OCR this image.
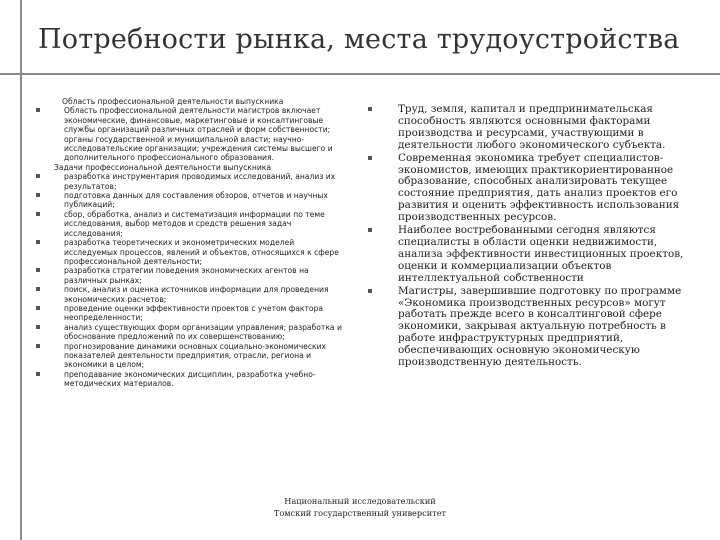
Потребности рынка, места трудоустройства
Область профессиональной деятельности выпускника
Область профессиональной деятельности магистров включает экономические, финансовые, маркетинговые и консалтинговые службы организаций различных отраслей и форм собственности; органы государственной и муниципальной власти; научно-исследовательские организации; учреждения системы высшего и дополнительного профессионального образования.
Задачи профессиональной деятельности выпускника
разработка инструментария проводимых исследований, анализ их результатов;
подготовка данных для составления обзоров, отчетов и научных публикаций;
сбор, обработка, анализ и систематизация информации по теме исследования, выбор методов и средств решения задач исследования;
разработка теоретических и эконометрических моделей исследуемых процессов, явлений и объектов, относящихся к сфере профессиональной деятельности;
разработка стратегии поведения экономических агентов на различных рынках;
поиск, анализ и оценка источников информации для проведения экономических расчетов;
проведение оценки эффективности проектов с учетом фактора неопределенности;
анализ существующих форм организации управления; разработка и обоснование предложений по их совершенствованию;
прогнозирование динамики основных социально-экономических показателей деятельности предприятия, отрасли, региона и экономики в целом;
преподавание экономических дисциплин, разработка учебно- методических материалов.
Труд, земля, капитал и предпринимательская способность являются основными факторами производства и ресурсами, участвующими в деятельности любого экономического субъекта.
Современная экономика требует специалистов-экономистов, имеющих практикориентированное образование, способных анализировать текущее состояние предприятия, дать анализ проектов его развития и оценить эффективность использования производственных ресурсов.
Наиболее востребованными сегодня являются специалисты в области оценки недвижимости, анализа эффективности инвестиционных проектов, оценки и коммерциализации объектов интеллектуальной собственности
Магистры, завершившие подготовку по программе «Экономика производственных ресурсов» могут работать прежде всего в консалтинговой сфере экономики, закрывая актуальную потребность в работе инфраструктурных предприятий, обеспечивающих основную экономическую производственную деятельность.
Национальный исследовательский
Томский государственный университет
